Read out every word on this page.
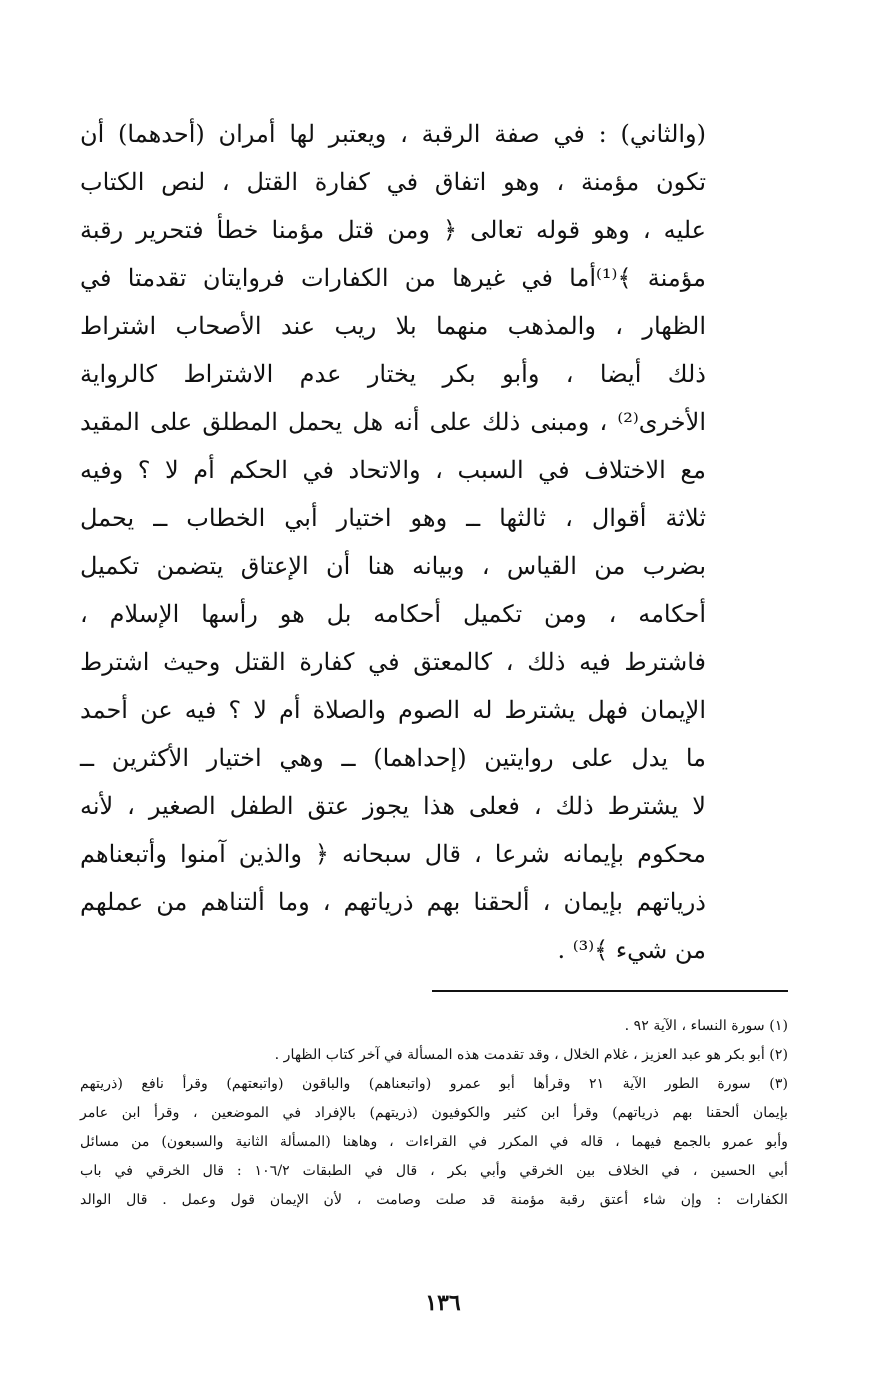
(والثاني) : في صفة الرقبة ، ويعتبر لها أمران (أحدهما) أن
تكون مؤمنة ، وهو اتفاق في كفارة القتل ، لنص الكتاب
عليه ، وهو قوله تعالى ﴿ ومن قتل مؤمنا خطأ فتحرير رقبة
مؤمنة ﴾⁽¹⁾أما في غيرها من الكفارات فروايتان تقدمتا في
الظهار ، والمذهب منهما بلا ريب عند الأصحاب اشتراط
ذلك أيضا ، وأبو بكر يختار عدم الاشتراط كالرواية
الأخرى⁽²⁾ ، ومبنى ذلك على أنه هل يحمل المطلق على المقيد
مع الاختلاف في السبب ، والاتحاد في الحكم أم لا ؟ وفيه
ثلاثة أقوال ، ثالثها ــ وهو اختيار أبي الخطاب ــ يحمل
بضرب من القياس ، وبيانه هنا أن الإعتاق يتضمن تكميل
أحكامه ، ومن تكميل أحكامه بل هو رأسها الإسلام ،
فاشترط فيه ذلك ، كالمعتق في كفارة القتل وحيث اشترط
الإيمان فهل يشترط له الصوم والصلاة أم لا ؟ فيه عن أحمد
ما يدل على روايتين (إحداهما) ــ وهي اختيار الأكثرين ــ
لا يشترط ذلك ، فعلى هذا يجوز عتق الطفل الصغير ، لأنه
محكوم بإيمانه شرعا ، قال سبحانه ﴿ والذين آمنوا وأتبعناهم
ذرياتهم بإيمان ، ألحقنا بهم ذرياتهم ، وما ألتناهم من عملهم
من شيء ﴾⁽³⁾ .
(١) سورة النساء ، الآية ٩٢ .
(٢) أبو بكر هو عبد العزيز ، غلام الخلال ، وقد تقدمت هذه المسألة في آخر كتاب الظهار .
(٣) سورة الطور الآية ٢١ وقرأها أبو عمرو (واتبعناهم) والباقون (واتبعتهم) وقرأ نافع (ذريتهم
بإيمان ألحقنا بهم ذرياتهم) وقرأ ابن كثير والكوفيون (ذريتهم) بالإفراد في الموضعين ، وقرأ ابن عامر
وأبو عمرو بالجمع فيهما ، قاله في المكرر في القراءات ، وهاهنا (المسألة الثانية والسبعون) من مسائل
أبي الحسين ، في الخلاف بين الخرقي وأبي بكر ، قال في الطبقات ١٠٦/٢ : قال الخرقي في باب
الكفارات : وإن شاء أعتق رقبة مؤمنة قد صلت وصامت ، لأن الإيمان قول وعمل . قال الوالد
١٣٦
